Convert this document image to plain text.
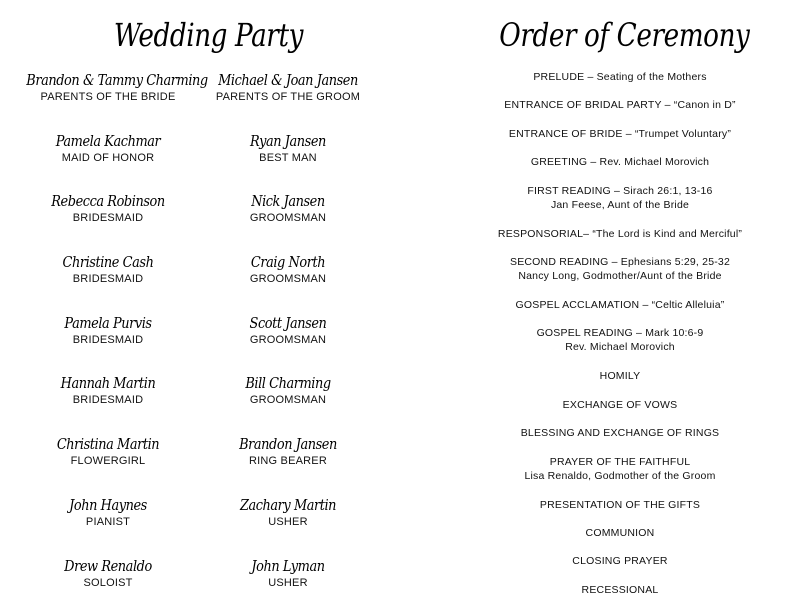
Wedding Party	Order of Ceremony
Brandon & Tammy Charming
PARENTS OF THE BRIDE
Pamela Kachmar
MAID OF HONOR
Rebecca Robinson
BRIDESMAID
Christine Cash
BRIDESMAID
Pamela Purvis
BRIDESMAID
Hannah Martin
BRIDESMAID
Christina Martin
FLOWERGIRL
John Haynes
PIANIST
Drew Renaldo
SOLOIST
Michael & Joan Jansen
PARENTS OF THE GROOM
Ryan Jansen
BEST MAN
Nick Jansen
GROOMSMAN
Craig North
GROOMSMAN
Scott Jansen
GROOMSMAN
Bill Charming
GROOMSMAN
Brandon Jansen
RING BEARER
Zachary Martin
USHER
John Lyman
USHER
PRELUDE – Seating of the Mothers
ENTRANCE OF BRIDAL PARTY – “Canon in D”
ENTRANCE OF BRIDE – “Trumpet Voluntary”
GREETING – Rev. Michael Morovich
FIRST READING – Sirach 26:1, 13-16
Jan Feese, Aunt of the Bride
RESPONSORIAL– “The Lord is Kind and Merciful”
SECOND READING – Ephesians 5:29, 25-32
Nancy Long, Godmother/Aunt of the Bride
GOSPEL ACCLAMATION – “Celtic Alleluia”
GOSPEL READING – Mark 10:6-9
Rev. Michael Morovich
HOMILY
EXCHANGE OF VOWS
BLESSING AND EXCHANGE OF RINGS
PRAYER OF THE FAITHFUL
Lisa Renaldo, Godmother of the Groom
PRESENTATION OF THE GIFTS
COMMUNION
CLOSING PRAYER
RECESSIONAL
